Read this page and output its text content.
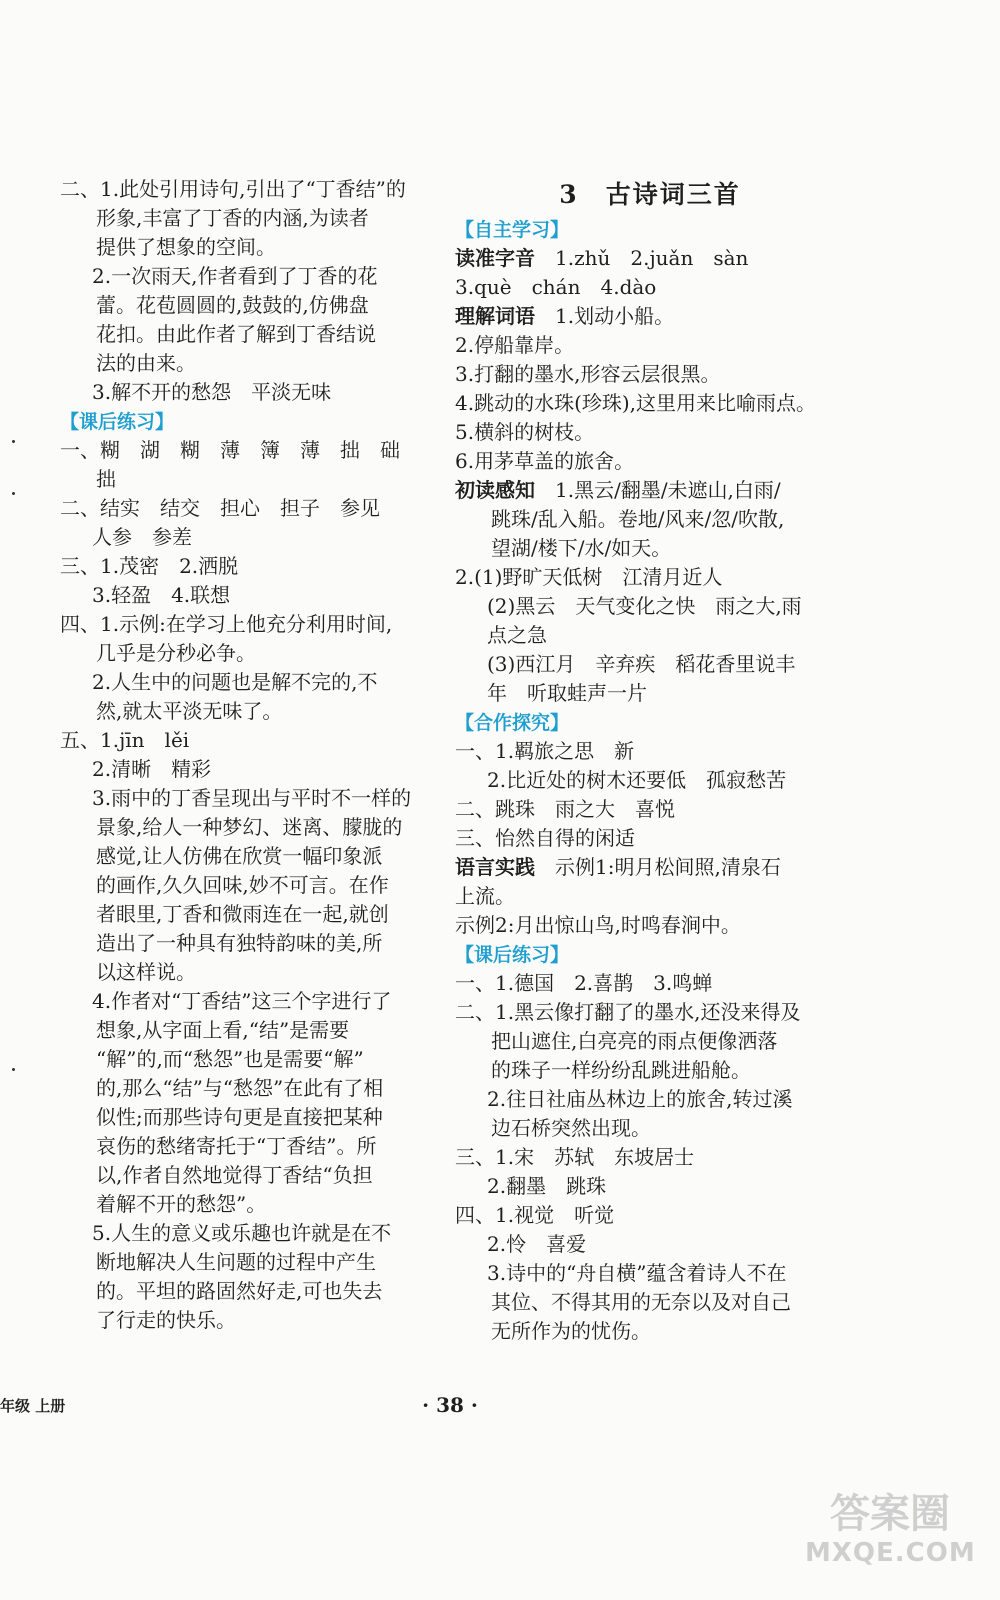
二、1.此处引用诗句,引出了“丁香结”的
形象,丰富了丁香的内涵,为读者
提供了想象的空间。
2.一次雨天,作者看到了丁香的花
蕾。花苞圆圆的,鼓鼓的,仿佛盘
花扣。由此作者了解到丁香结说
法的由来。
3.解不开的愁怨　平淡无味
【课后练习】
一、糊　湖　糊　薄　簿　薄　拙　础
拙
二、结实　结交　担心　担子　参见
人参　参差
三、1.茂密　2.洒脱
3.轻盈　4.联想
四、1.示例:在学习上他充分利用时间,
几乎是分秒必争。
2.人生中的问题也是解不完的,不
然,就太平淡无味了。
五、1.jīn　lěi
2.清晰　精彩
3.雨中的丁香呈现出与平时不一样的
景象,给人一种梦幻、迷离、朦胧的
感觉,让人仿佛在欣赏一幅印象派
的画作,久久回味,妙不可言。在作
者眼里,丁香和微雨连在一起,就创
造出了一种具有独特韵味的美,所
以这样说。
4.作者对“丁香结”这三个字进行了
想象,从字面上看,“结”是需要
“解”的,而“愁怨”也是需要“解”
的,那么“结”与“愁怨”在此有了相
似性;而那些诗句更是直接把某种
哀伤的愁绪寄托于“丁香结”。所
以,作者自然地觉得丁香结“负担
着解不开的愁怨”。
5.人生的意义或乐趣也许就是在不
断地解决人生问题的过程中产生
的。平坦的路固然好走,可也失去
了行走的快乐。
3　古诗词三首
【自主学习】
读准字音　1.zhǔ　2.juǎn　sàn
3.què　chán　4.dào
理解词语　1.划动小船。
2.停船靠岸。
3.打翻的墨水,形容云层很黑。
4.跳动的水珠(珍珠),这里用来比喻雨点。
5.横斜的树枝。
6.用茅草盖的旅舍。
初读感知　1.黑云/翻墨/未遮山,白雨/
跳珠/乱入船。卷地/风来/忽/吹散,
望湖/楼下/水/如天。
2.(1)野旷天低树　江清月近人
(2)黑云　天气变化之快　雨之大,雨
点之急
(3)西江月　辛弃疾　稻花香里说丰
年　听取蛙声一片
【合作探究】
一、1.羁旅之思　新
2.比近处的树木还要低　孤寂愁苦
二、跳珠　雨之大　喜悦
三、怡然自得的闲适
语言实践　示例1:明月松间照,清泉石
上流。
示例2:月出惊山鸟,时鸣春涧中。
【课后练习】
一、1.德国　2.喜鹊　3.鸣蝉
二、1.黑云像打翻了的墨水,还没来得及
把山遮住,白亮亮的雨点便像洒落
的珠子一样纷纷乱跳进船舱。
2.往日社庙丛林边上的旅舍,转过溪
边石桥突然出现。
三、1.宋　苏轼　东坡居士
2.翻墨　跳珠
四、1.视觉　听觉
2.怜　喜爱
3.诗中的“舟自横”蕴含着诗人不在
其位、不得其用的无奈以及对自己
无所作为的忧伤。
年级 上册	· 38 ·
答案圈
MXQE.COM
